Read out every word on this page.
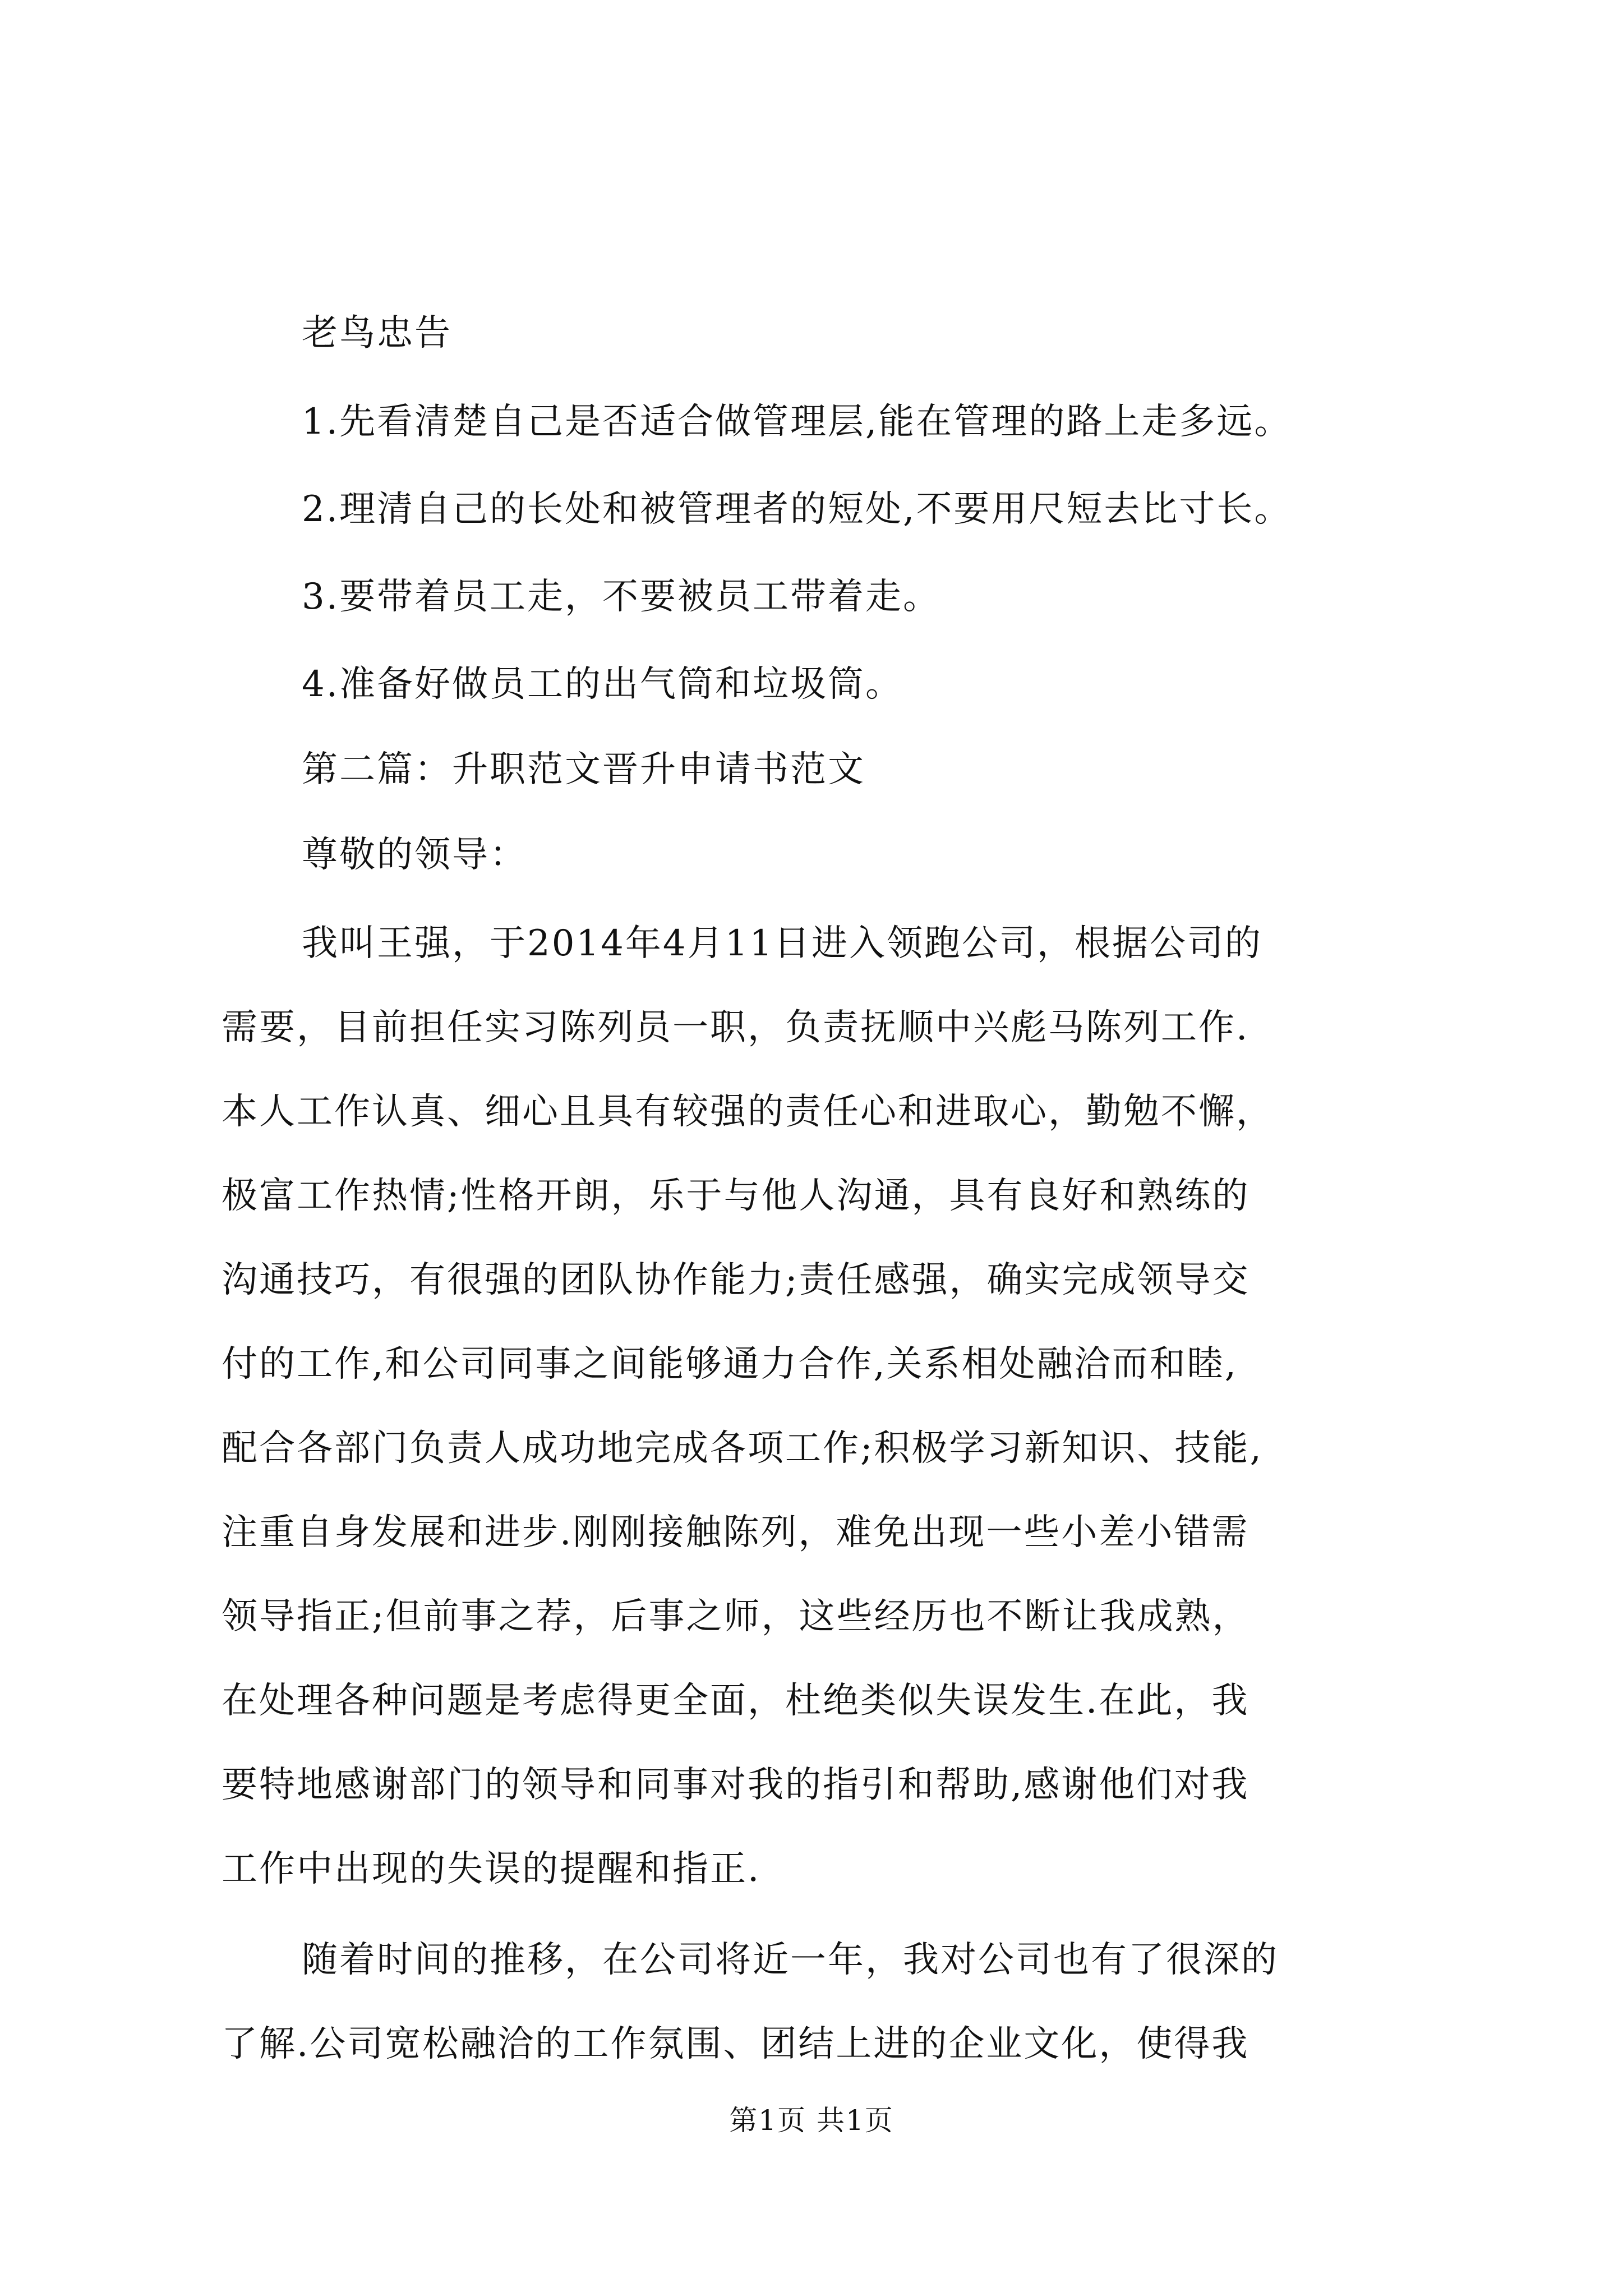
老鸟忠告
1.先看清楚自己是否适合做管理层,能在管理的路上走多远。
2.理清自己的长处和被管理者的短处,不要用尺短去比寸长。
3.要带着员工走，不要被员工带着走。
4.准备好做员工的出气筒和垃圾筒。
第二篇：升职范文晋升申请书范文
尊敬的领导：
我叫王强，于2014年4月11日进入领跑公司，根据公司的
需要，目前担任实习陈列员一职，负责抚顺中兴彪马陈列工作.
本人工作认真、细心且具有较强的责任心和进取心，勤勉不懈，
极富工作热情;性格开朗，乐于与他人沟通，具有良好和熟练的
沟通技巧，有很强的团队协作能力;责任感强，确实完成领导交
付的工作,和公司同事之间能够通力合作,关系相处融洽而和睦,
配合各部门负责人成功地完成各项工作;积极学习新知识、技能,
注重自身发展和进步.刚刚接触陈列，难免出现一些小差小错需
领导指正;但前事之荐，后事之师，这些经历也不断让我成熟，
在处理各种问题是考虑得更全面，杜绝类似失误发生.在此，我
要特地感谢部门的领导和同事对我的指引和帮助,感谢他们对我
工作中出现的失误的提醒和指正.
随着时间的推移，在公司将近一年，我对公司也有了很深的
了解.公司宽松融洽的工作氛围、团结上进的企业文化，使得我
第1页 共1页
